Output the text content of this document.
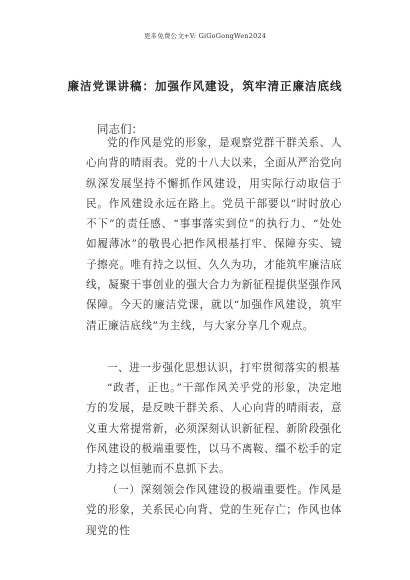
更多免费公文+V: GiGoGongWen2024
廉洁党课讲稿：加强作风建设，筑牢清正廉洁底线
同志们：
党的作风是党的形象，是观察党群干群关系、人心向背的晴雨表。党的十八大以来，全面从严治党向纵深发展坚持不懈抓作风建设，用实际行动取信于民。作风建设永远在路上。党员干部要以“时时放心不下”的责任感、“事事落实到位”的执行力、“处处如履薄冰”的敬畏心把作风根基打牢、保障夯实、镜子擦亮。唯有持之以恒、久久为功，才能筑牢廉洁底线，凝聚干事创业的强大合力为新征程提供坚强作风保障。今天的廉洁党课，就以“加强作风建设，筑牢清正廉洁底线”为主线，与大家分享几个观点。
一、进一步强化思想认识，打牢贯彻落实的根基
“政者，正也。”干部作风关乎党的形象，决定地方的发展，是反映干群关系、人心向背的晴雨表，意义重大常提常新，必须深刻认识新征程、新阶段强化作风建设的极端重要性，以马不离鞍、缰不松手的定力持之以恒驰而不息抓下去。
（一）深刻领会作风建设的极端重要性。作风是党的形象，关系民心向背、党的生死存亡；作风也体现党的性
